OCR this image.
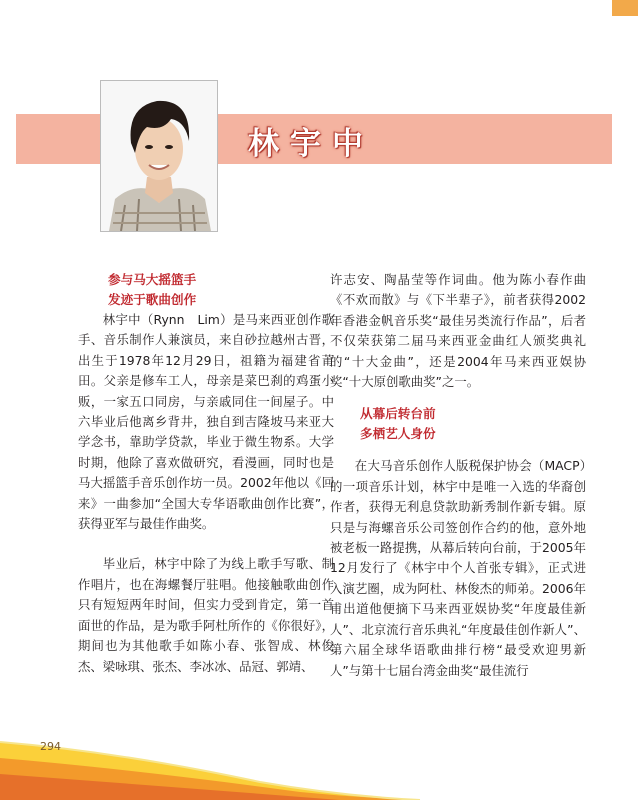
林宇中

参与马大摇篮手

发迹于歌曲创作

林宇中（Rynn　Lim）是马来西亚创作歌手、音乐制作人兼演员，来自砂拉越州古晋，出生于1978年12月29日，祖籍为福建省莆田。父亲是修车工人，母亲是菜巴刹的鸡蛋小贩，一家五口同房，与亲戚同住一间屋子。中六毕业后他离乡背井，独自到吉隆坡马来亚大学念书，靠助学贷款，毕业于微生物系。大学时期，他除了喜欢做研究，看漫画，同时也是马大摇篮手音乐创作坊一员。2002年他以《回来》一曲参加“全国大专华语歌曲创作比赛”，获得亚军与最佳作曲奖。

毕业后，林宇中除了为线上歌手写歌、制作唱片，也在海螺餐厅驻唱。他接触歌曲创作只有短短两年时间，但实力受到肯定，第一首面世的作品，是为歌手阿杜所作的《你很好》，期间也为其他歌手如陈小春、张智成、林俊杰、梁咏琪、张杰、李冰冰、品冠、郭靖、

许志安、陶晶莹等作词曲。他为陈小春作曲《不欢而散》与《下半辈子》，前者获得2002年香港金帆音乐奖“最佳另类流行作品”，后者不仅荣获第二届马来西亚金曲红人颁奖典礼的“十大金曲”，还是2004年马来西亚娱协奖“十大原创歌曲奖”之一。

从幕后转台前

多栖艺人身份

在大马音乐创作人版税保护协会（MACP）的一项音乐计划，林宇中是唯一入选的华裔创作者，获得无利息贷款助新秀制作新专辑。原只是与海螺音乐公司签创作合约的他，意外地被老板一路提携，从幕后转向台前，于2005年12月发行了《林宇中个人首张专辑》，正式进入演艺圈，成为阿杜、林俊杰的师弟。2006年甫出道他便摘下马来西亚娱协奖“年度最佳新人”、北京流行音乐典礼“年度最佳创作新人”、第六届全球华语歌曲排行榜“最受欢迎男新人”与第十七届台湾金曲奖“最佳流行

294
